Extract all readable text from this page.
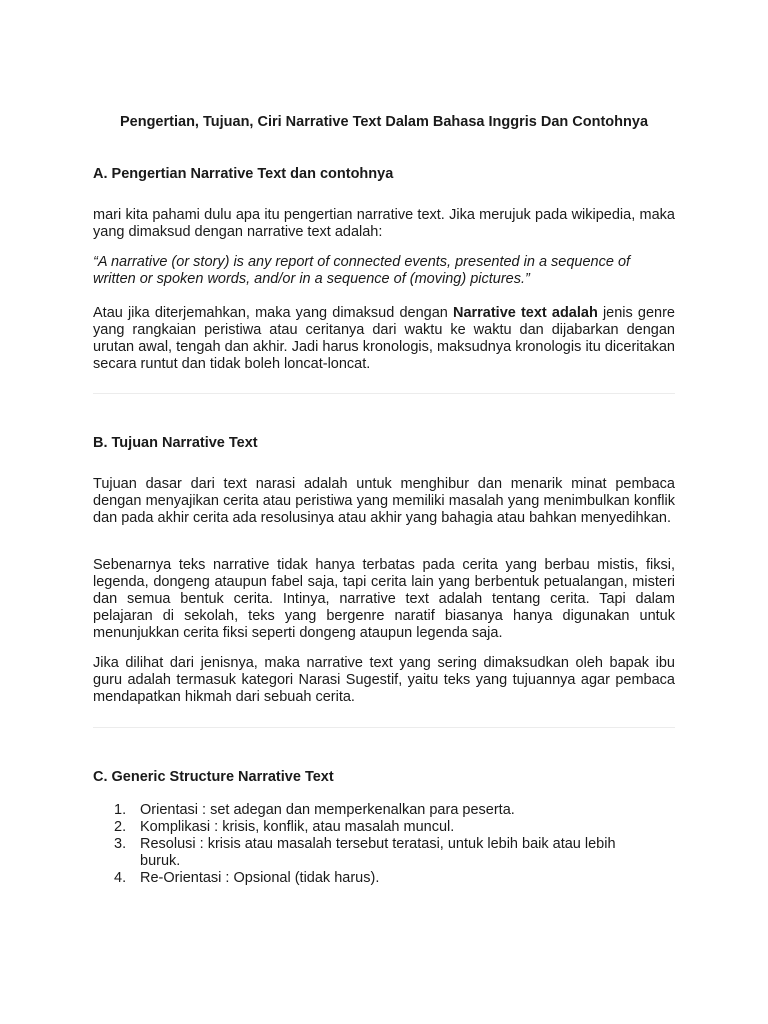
Pengertian, Tujuan, Ciri Narrative Text Dalam Bahasa Inggris Dan Contohnya
A. Pengertian Narrative Text dan contohnya

mari kita pahami dulu apa itu pengertian narrative text. Jika merujuk pada wikipedia, maka yang dimaksud dengan narrative text adalah:

“A narrative (or story) is any report of connected events, presented in a sequence of written or spoken words, and/or in a sequence of (moving) pictures.”

Atau jika diterjemahkan, maka yang dimaksud dengan Narrative text adalah jenis genre yang rangkaian peristiwa atau ceritanya dari waktu ke waktu dan dijabarkan dengan urutan awal, tengah dan akhir. Jadi harus kronologis, maksudnya kronologis itu diceritakan secara runtut dan tidak boleh loncat-loncat.

B. Tujuan Narrative Text

Tujuan dasar dari text narasi adalah untuk menghibur dan menarik minat pembaca dengan menyajikan cerita atau peristiwa yang memiliki masalah yang menimbulkan konflik dan pada akhir cerita ada resolusinya atau akhir yang bahagia atau bahkan menyedihkan.

Sebenarnya teks narrative tidak hanya terbatas pada cerita yang berbau mistis, fiksi, legenda, dongeng ataupun fabel saja, tapi cerita lain yang berbentuk petualangan, misteri dan semua bentuk cerita. Intinya, narrative text adalah tentang cerita. Tapi dalam pelajaran di sekolah, teks yang bergenre naratif biasanya hanya digunakan untuk menunjukkan cerita fiksi seperti dongeng ataupun legenda saja.

Jika dilihat dari jenisnya, maka narrative text yang sering dimaksudkan oleh bapak ibu guru adalah termasuk kategori Narasi Sugestif, yaitu teks yang tujuannya agar pembaca mendapatkan hikmah dari sebuah cerita.

C. Generic Structure Narrative Text
1. Orientasi : set adegan dan memperkenalkan para peserta.
2. Komplikasi : krisis, konflik, atau masalah muncul.
3. Resolusi : krisis atau masalah tersebut teratasi, untuk lebih baik atau lebih buruk.
4. Re-Orientasi : Opsional (tidak harus).
